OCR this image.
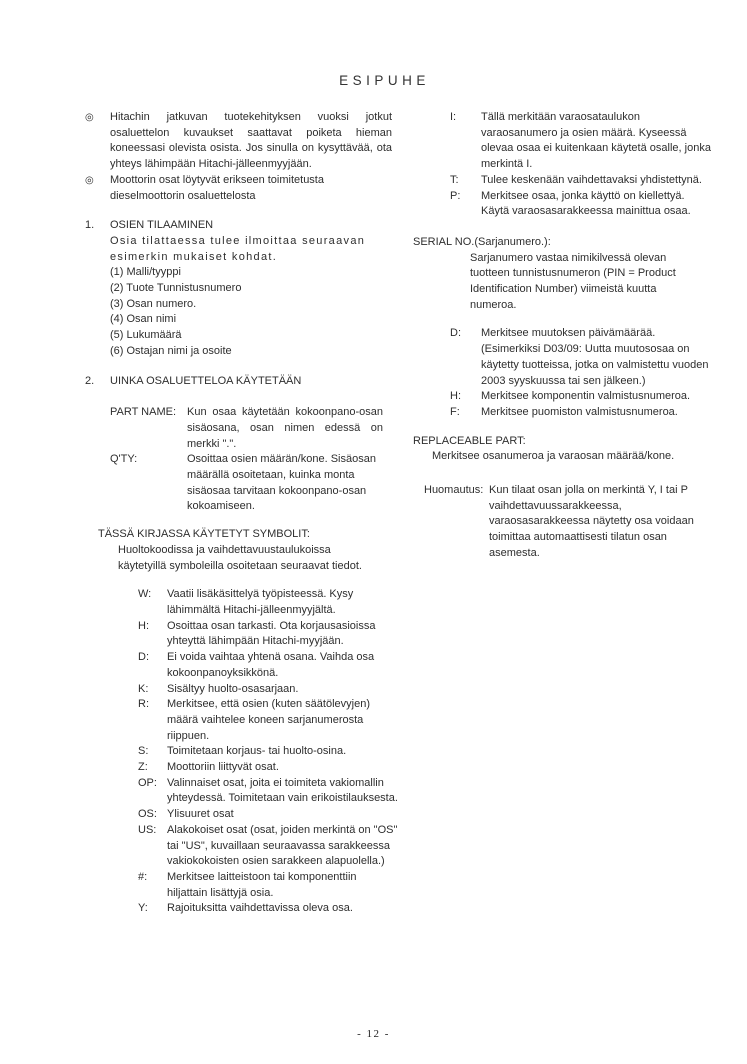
ESIPUHE
◎	Hitachin jatkuvan tuotekehityksen vuoksi jotkut osaluettelon kuvaukset saattavat poiketa hieman koneessasi olevista osista. Jos sinulla on kysyttävää, ota yhteys lähimpään Hitachi-jälleenmyyjään.
◎	Moottorin osat löytyvät erikseen toimitetusta dieselmoottorin osaluettelosta
1.	OSIEN TILAAMINEN
Osia tilattaessa tulee ilmoittaa seuraavan esimerkin mukaiset kohdat.
(1) Malli/tyyppi
(2) Tuote Tunnistusnumero
(3) Osan numero.
(4) Osan nimi
(5) Lukumäärä
(6) Ostajan nimi ja osoite
2.	UINKA OSALUETTELOA KÄYTETÄÄN
PART NAME: Kun osaa käytetään kokoonpano-osan sisäosana, osan nimen edessä on merkki ".".
Q'TY:	Osoittaa osien määrän/kone. Sisäosan määrällä osoitetaan, kuinka monta sisäosaa tarvitaan kokoonpano-osan kokoamiseen.
TÄSSÄ KIRJASSA KÄYTETYT SYMBOLIT:
Huoltokoodissa ja vaihdettavuustaulukoissa käytetyillä symboleilla osoitetaan seuraavat tiedot.
W:	Vaatii lisäkäsittelyä työpisteessä. Kysy lähimmältä Hitachi-jälleenmyyjältä.
H:	Osoittaa osan tarkasti. Ota korjausasioissa yhteyttä lähimpään Hitachi-myyjään.
D:	Ei voida vaihtaa yhtenä osana. Vaihda osa kokoonpanoyksikkönä.
K:	Sisältyy huolto-osasarjaan.
R:	Merkitsee, että osien (kuten säätölevyjen) määrä vaihtelee koneen sarjanumerosta riippuen.
S:	Toimitetaan korjaus- tai huolto-osina.
Z:	Moottoriin liittyvät osat.
OP: Valinnaiset osat, joita ei toimiteta vakiomallin yhteydessä. Toimitetaan vain erikoistilauksesta.
OS: Ylisuuret osat
US: Alakokoiset osat (osat, joiden merkintä on "OS" tai "US", kuvaillaan seuraavassa sarakkeessa vakiokokoisten osien sarakkeen alapuolella.)
#:	Merkitsee laitteistoon tai komponenttiin hiljattain lisättyjä osia.
Y:	Rajoituksitta vaihdettavissa oleva osa.
I:	Tällä merkitään varaosataulukon varaosanumero ja osien määrä. Kyseessä olevaa osaa ei kuitenkaan käytetä osalle, jonka merkintä I.
T:	Tulee keskenään vaihdettavaksi yhdistettynä.
P:	Merkitsee osaa, jonka käyttö on kiellettyä. Käytä varaosasarakkeessa mainittua osaa.
SERIAL NO.(Sarjanumero.):
Sarjanumero vastaa nimikilvessä olevan tuotteen tunnistusnumeron (PIN = Product Identification Number) viimeistä kuutta numeroa.
D:	Merkitsee muutoksen päivämäärää. (Esimerkiksi D03/09: Uutta muutososaa on käytetty tuotteissa, jotka on valmistettu vuoden 2003 syyskuussa tai sen jälkeen.)
H:	Merkitsee komponentin valmistusnumeroa.
F:	Merkitsee puomiston valmistusnumeroa.
REPLACEABLE PART:
Merkitsee osanumeroa ja varaosan määrää/kone.
Huomautus: Kun tilaat osan jolla on merkintä Y, I tai P vaihdettavuussarakkeessa, varaosasarakkeessa näytetty osa voidaan toimittaa automaattisesti tilatun osan asemesta.
- 12 -
